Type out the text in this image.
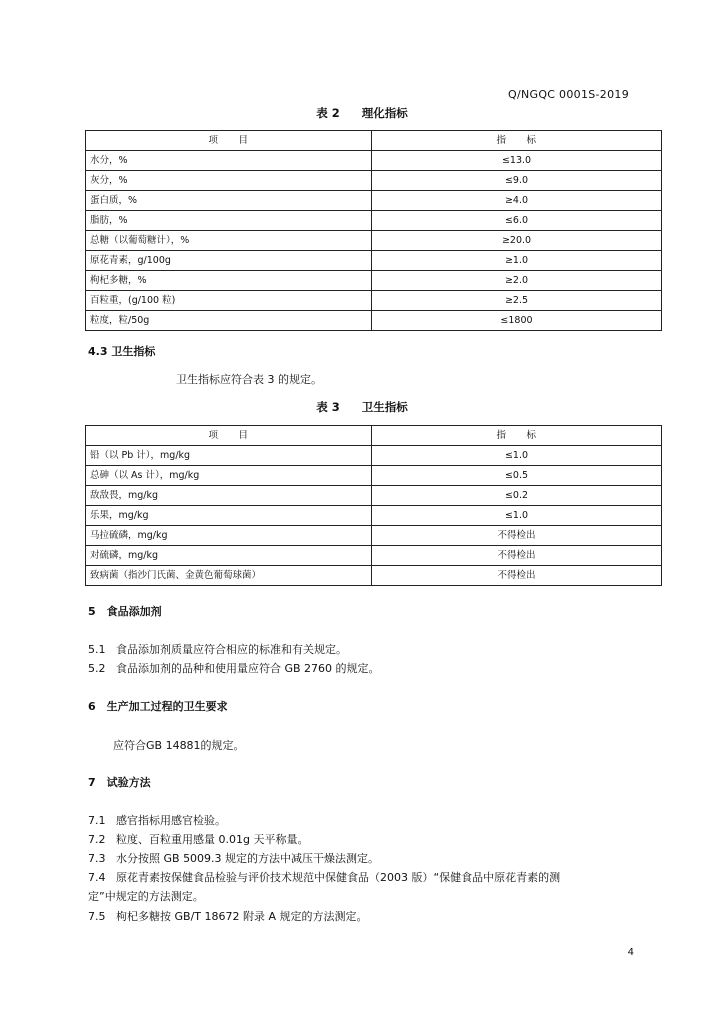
Q/NGQC 0001S-2019
表 2 理化指标
项　　目	指　　标
水分，%	≤13.0
灰分，%	≤9.0
蛋白质，%	≥4.0
脂肪，%	≤6.0
总糖（以葡萄糖计），%	≥20.0
原花青素，g/100g	≥1.0
枸杞多糖，%	≥2.0
百粒重，(g/100 粒)	≥2.5
粒度，粒/50g	≤1800
4.3 卫生指标
卫生指标应符合表 3 的规定。
表 3 卫生指标
项　　目	指　　标
铅（以 Pb 计），mg/kg	≤1.0
总砷（以 As 计），mg/kg	≤0.5
敌敌畏，mg/kg	≤0.2
乐果，mg/kg	≤1.0
马拉硫磷，mg/kg	不得检出
对硫磷，mg/kg	不得检出
致病菌（指沙门氏菌、金黄色葡萄球菌）	不得检出
5　食品添加剂
5.1 食品添加剂质量应符合相应的标准和有关规定。
5.2 食品添加剂的品种和使用量应符合 GB 2760 的规定。
6　生产加工过程的卫生要求
应符合GB 14881的规定。
7　试验方法
7.1 感官指标用感官检验。
7.2 粒度、百粒重用感量 0.01g 天平称量。
7.3 水分按照 GB 5009.3 规定的方法中减压干燥法测定。
7.4 原花青素按保健食品检验与评价技术规范中保健食品（2003 版）“保健食品中原花青素的测
定”中规定的方法测定。
7.5 枸杞多糖按 GB/T 18672 附录 A 规定的方法测定。
4
